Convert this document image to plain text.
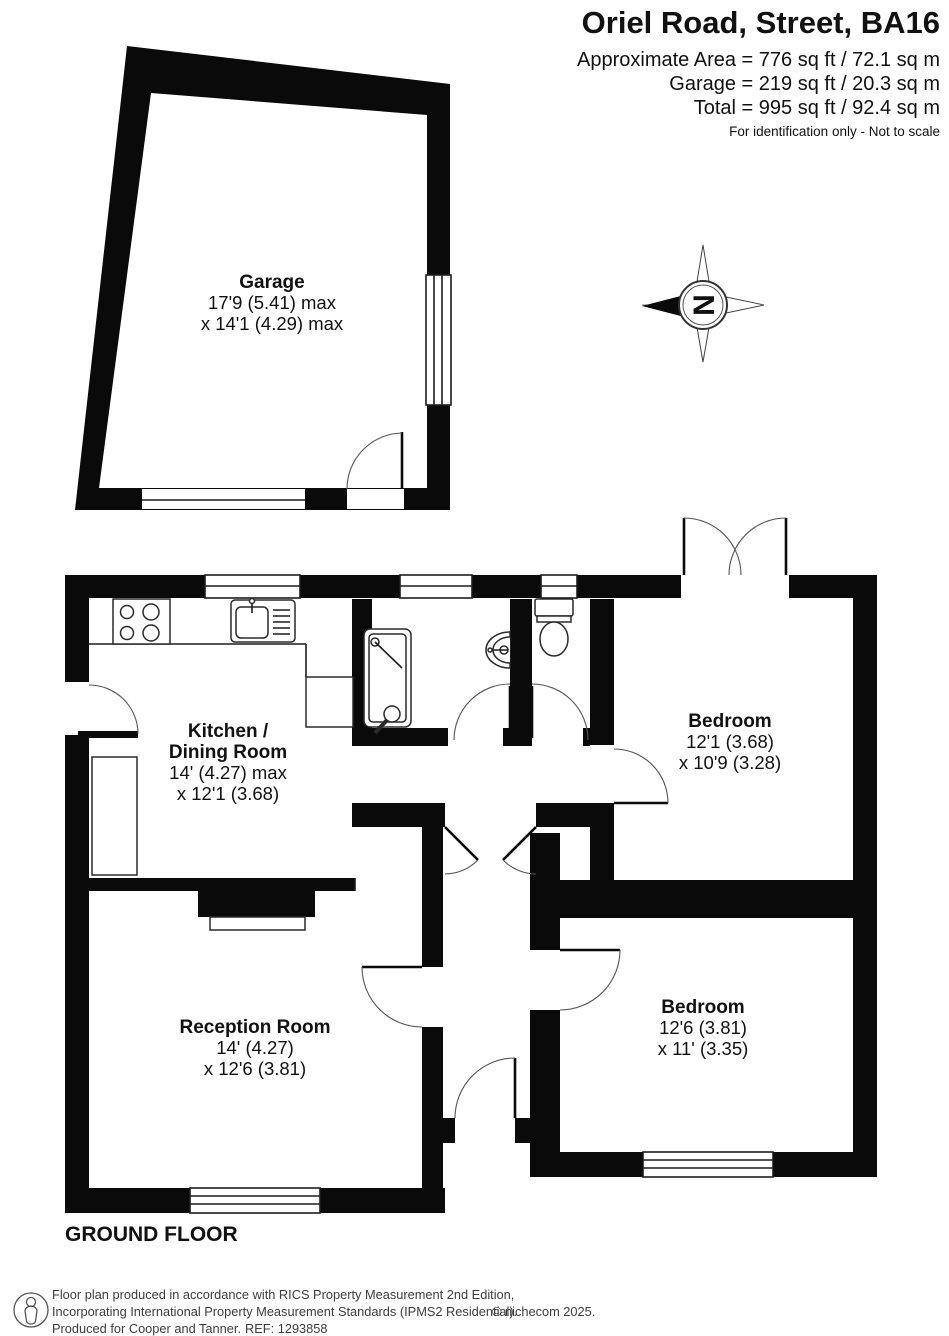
Oriel Road, Street, BA16
Approximate Area = 776 sq ft / 72.1 sq m
Garage = 219 sq ft / 20.3 sq m
Total = 995 sq ft / 92.4 sq m
For identification only - Not to scale
N
Garage
17'9 (5.41) max
x 14'1 (4.29) max
Kitchen /
Dining Room
14' (4.27) max
x 12'1 (3.68)
Bedroom
12'1 (3.68)
x 10'9 (3.28)
Bedroom
12'6 (3.81)
x 11' (3.35)
Reception Room
14' (4.27)
x 12'6 (3.81)
GROUND FLOOR
Floor plan produced in accordance with RICS Property Measurement 2nd Edition,
Incorporating International Property Measurement Standards (IPMS2 Residential).
Produced for Cooper and Tanner. REF: 1293858
© nichecom 2025.
